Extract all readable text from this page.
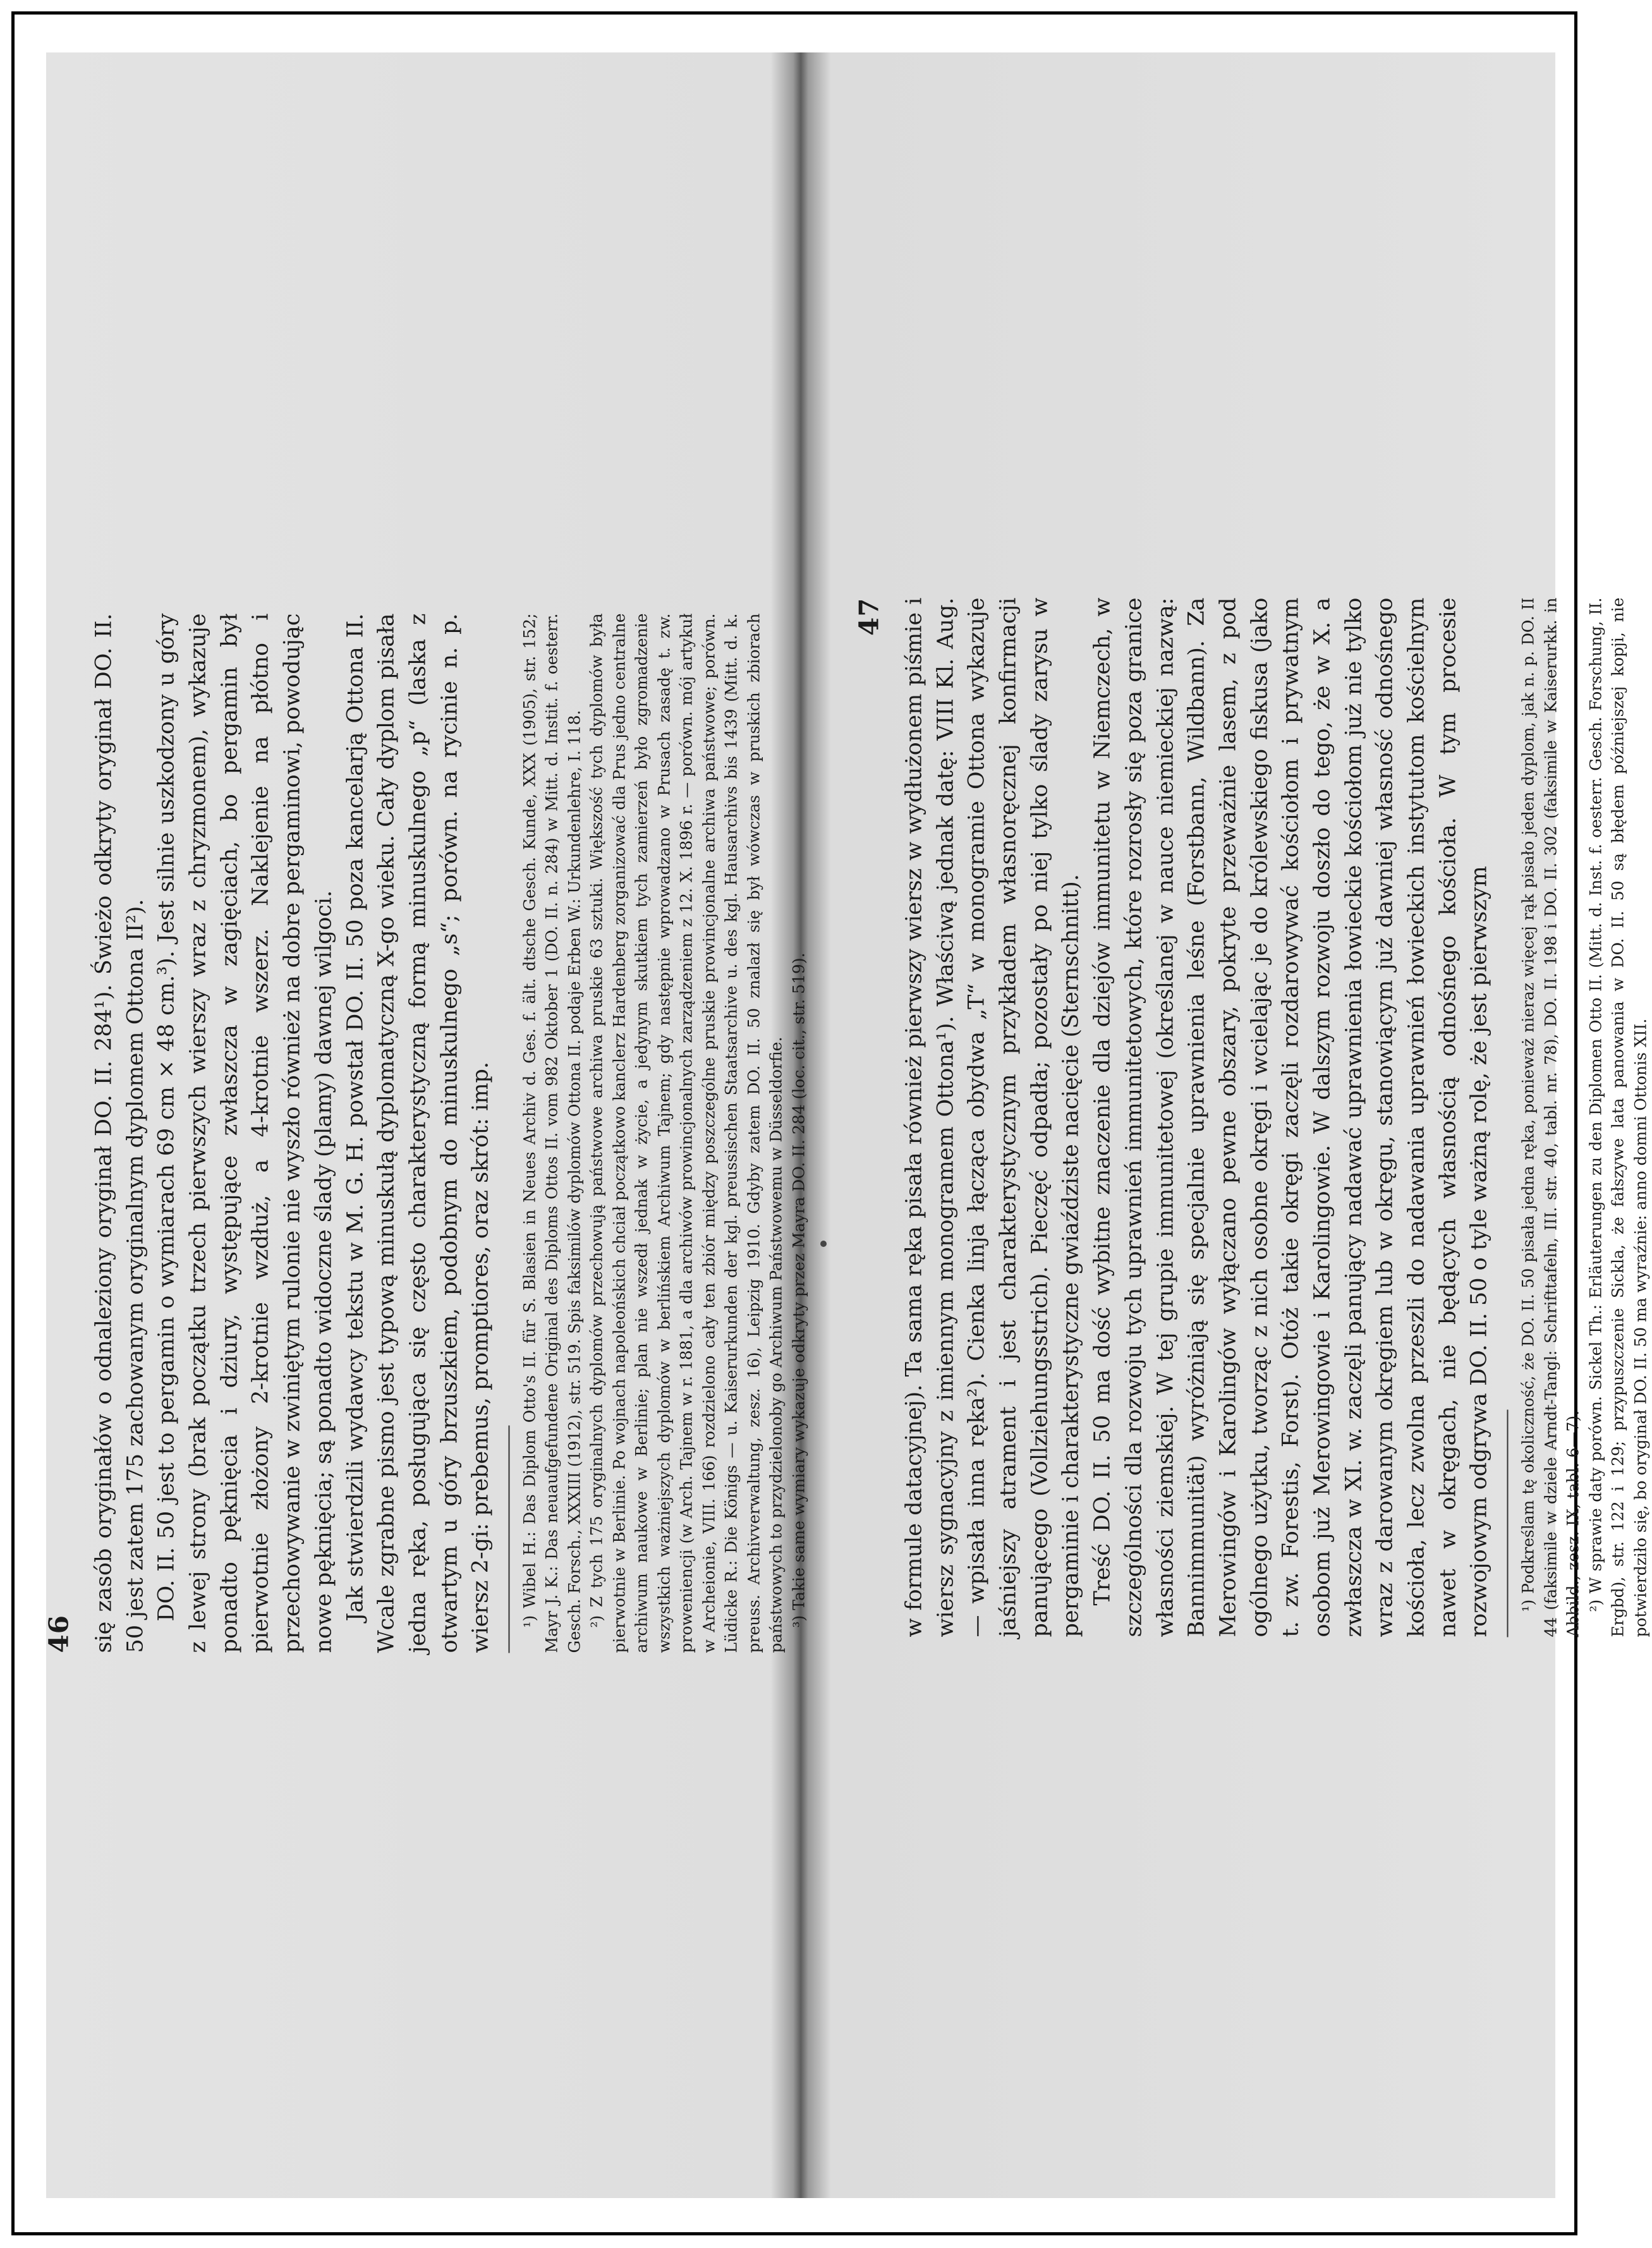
46 się zasób oryginałów o odnaleziony oryginał DO. II. 284¹). Świeżo odkryty oryginał DO. II. 50 jest zatem 175 zachowanym oryginalnym dyplomem Ottona II²). DO. II. 50 jest to pergamin o wymiarach 69 cm × 48 cm.³). Jest silnie uszkodzony u góry z lewej strony (brak początku trzech pierwszych wierszy wraz z chryzmonem), wykazuje ponadto pęknięcia i dziury, występujące zwłaszcza w zagięciach, bo pergamin był pierwotnie złożony 2-krotnie wzdłuż, a 4-krotnie wszerz. Naklejenie na płótno i przechowywanie w zwiniętym rulonie nie wyszło również na dobre pergaminowi, powodując nowe pęknięcia; są ponadto widoczne ślady (plamy) dawnej wilgoci. Jak stwierdzili wydawcy tekstu w M. G. H. powstał DO. II. 50 poza kancelarją Ottona II. Wcale zgrabne pismo jest typową minuskułą dyplomatyczną X-go wieku. Cały dyplom pisała jedna ręka, posługująca się często charakterystyczną formą minuskulnego „p“ (laska z otwartym u góry brzuszkiem, podobnym do minuskulnego „s“; porówn. na rycinie n. p. wiersz 2-gi: prebemus, promptiores, oraz skrót: imp. ¹) Wibel H.: Das Diplom Otto's II. für S. Blasien in Neues Archiv d. Ges. f. ält. dtsche Gesch. Kunde, XXX (1905), str. 152; Mayr J. K.: Das neuaufgefundene Original des Diploms Ottos II. vom 982 Oktober 1 (DO. II. n. 284) w Mitt. d. Instit. f. oesterr. Gesch. Forsch., XXXIII (1912), str. 519. Spis faksimilów dyplomów Ottona II. podaje Erben W.: Urkundenlehre, I. 118. ²) Z tych 175 oryginalnych dyplomów przechowują państwowe archiwa pruskie 63 sztuki. Większość tych dyplomów była pierwotnie w Berlinie. Po wojnach napoleońskich chciał początkowo kanclerz Hardenberg zorganizować dla Prus jedno centralne archiwum naukowe w Berlinie; plan nie wszedł jednak w życie, a jedynym skutkiem tych zamierzeń było zgromadzenie wszystkich ważniejszych dyplomów w berlińskiem Archiwum Tajnem; gdy następnie wprowadzano w Prusach zasadę t. zw. proweniencji (w Arch. Tajnem w r. 1881, a dla archiwów prowincjonalnych zarządzeniem z 12. X. 1896 r. — porówn. mój artykuł w Archeionie, VIII. 166) rozdzielono cały ten zbiór między poszczególne pruskie prowincjonalne archiwa państwowe; porówn. Lüdicke R.: Die Königs — u. Kaiserurkunden der kgl. preussischen Staatsarchive u. des kgl. Hausarchivs bis 1439 (Mitt. d. k. preuss. Archivverwaltung, zesz. 16), Leipzig 1910. Gdyby zatem DO. II. 50 znalazł się był wówczas w pruskich zbiorach państwowych to przydzielonoby go Archiwum Państwowemu w Düsseldorfie. ³) Takie same wymiary wykazuje odkryty przez Mayra DO. II. 284 (loc. cit., str. 519).

47 w formule datacyjnej). Ta sama ręka pisała również pierwszy wiersz w wydłużonem piśmie i wiersz sygnacyjny z imiennym monogramem Ottona¹). Właściwą jednak datę: VIII Kl. Aug. — wpisała inna ręka²). Cienka linja łącząca obydwa „T“ w monogramie Ottona wykazuje jaśniejszy atrament i jest charakterystycznym przykładem własnoręcznej konfirmacji panującego (Vollziehungsstrich). Pieczęć odpadła; pozostały po niej tylko ślady zarysu w pergaminie i charakterystyczne gwiaździste nacięcie (Sternschnitt). Treść DO. II. 50 ma dość wybitne znaczenie dla dziejów immunitetu w Niemczech, w szczególności dla rozwoju tych uprawnień immunitetowych, które rozrosły się poza granice własności ziemskiej. W tej grupie immunitetowej (określanej w nauce niemieckiej nazwą: Bannimmunität) wyróżniają się specjalnie uprawnienia leśne (Forstbann, Wildbann). Za Merowingów i Karolingów wyłączano pewne obszary, pokryte przeważnie lasem, z pod ogólnego użytku, tworząc z nich osobne okręgi i wcielając je do królewskiego fiskusa (jako t. zw. Forestis, Forst). Otóż takie okręgi zaczęli rozdarowywać kościołom i prywatnym osobom już Merowingowie i Karolingowie. W dalszym rozwoju doszło do tego, że w X. a zwłaszcza w XI. w. zaczęli panujący nadawać uprawnienia łowieckie kościołom już nie tylko wraz z darowanym okręgiem lub w okręgu, stanowiącym już dawniej własność odnośnego kościoła, lecz zwolna przeszli do nadawania uprawnień łowieckich instytutom kościelnym nawet w okręgach, nie będących własnością odnośnego kościoła. W tym procesie rozwojowym odgrywa DO. II. 50 o tyle ważną rolę, że jest pierwszym ¹) Podkreślam tę okoliczność, że DO. II. 50 pisała jedna ręka, ponieważ nieraz więcej rąk pisało jeden dyplom, jak n. p. DO. II 44 (faksimile w dziele Arndt-Tangl: Schrifttafeln, III. str. 40, tabl. nr. 78), DO. II. 198 i DO. II. 302 (faksimile w Kaiserurkk. in Abbild., zesz. IX, tabl. 6—7). ²) W sprawie daty porówn. Sickel Th.: Erläuterungen zu den Diplomen Otto II. (Mitt. d. Inst. f. oesterr. Gesch. Forschung, II. Ergbd), str. 122 i 129; przypuszczenie Sickla, że fałszywe lata panowania w DO. II. 50 są błędem późniejszej kopji, nie potwierdziło się, bo oryginał DO. II. 50 ma wyraźnie: anno domni Ottonis XII.
